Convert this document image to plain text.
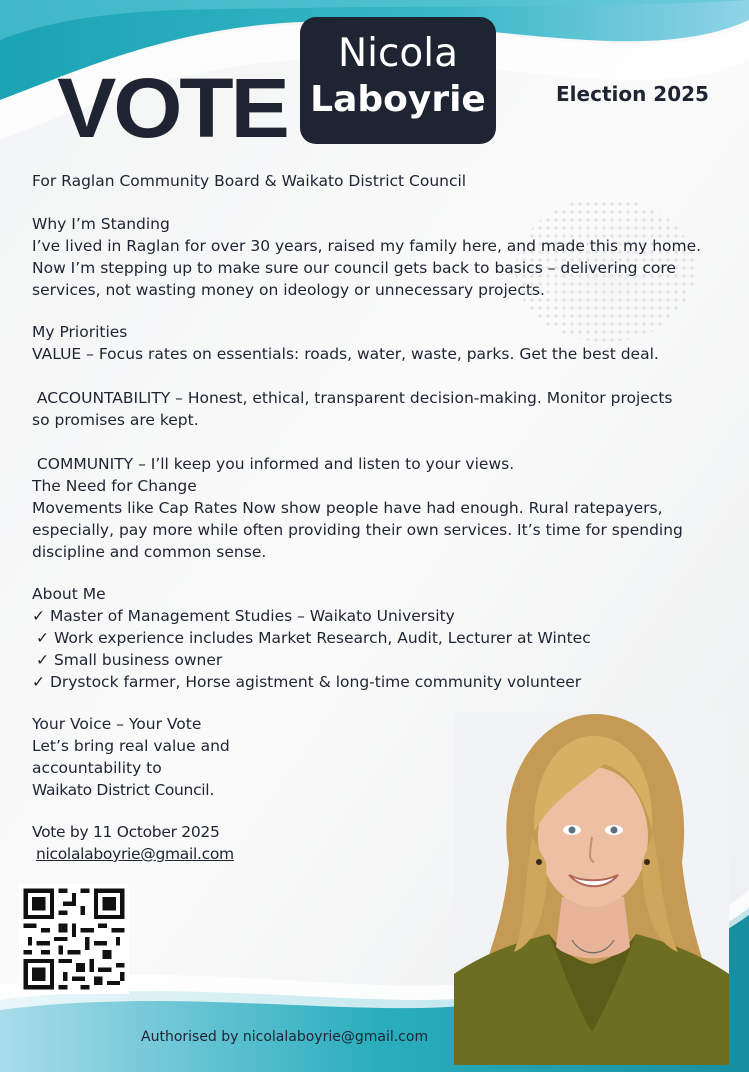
VOTE
Nicola
Laboyrie	Election 2025
For Raglan Community Board & Waikato District Council
Why I’m Standing
I’ve lived in Raglan for over 30 years, raised my family here, and made this my home.
Now I’m stepping up to make sure our council gets back to basics – delivering core
services, not wasting money on ideology or unnecessary projects.
My Priorities
VALUE – Focus rates on essentials: roads, water, waste, parks. Get the best deal.
ACCOUNTABILITY – Honest, ethical, transparent decision-making. Monitor projects
so promises are kept.
COMMUNITY – I’ll keep you informed and listen to your views.
The Need for Change
Movements like Cap Rates Now show people have had enough. Rural ratepayers,
especially, pay more while often providing their own services. It’s time for spending
discipline and common sense.
About Me
✓ Master of Management Studies – Waikato University
✓ Work experience includes Market Research, Audit, Lecturer at Wintec
✓ Small business owner
✓ Drystock farmer, Horse agistment & long-time community volunteer
Your Voice – Your Vote
Let’s bring real value and
accountability to
Waikato District Council.
Vote by 11 October 2025
nicolalaboyrie@gmail.com
Authorised by nicolalaboyrie@gmail.com
